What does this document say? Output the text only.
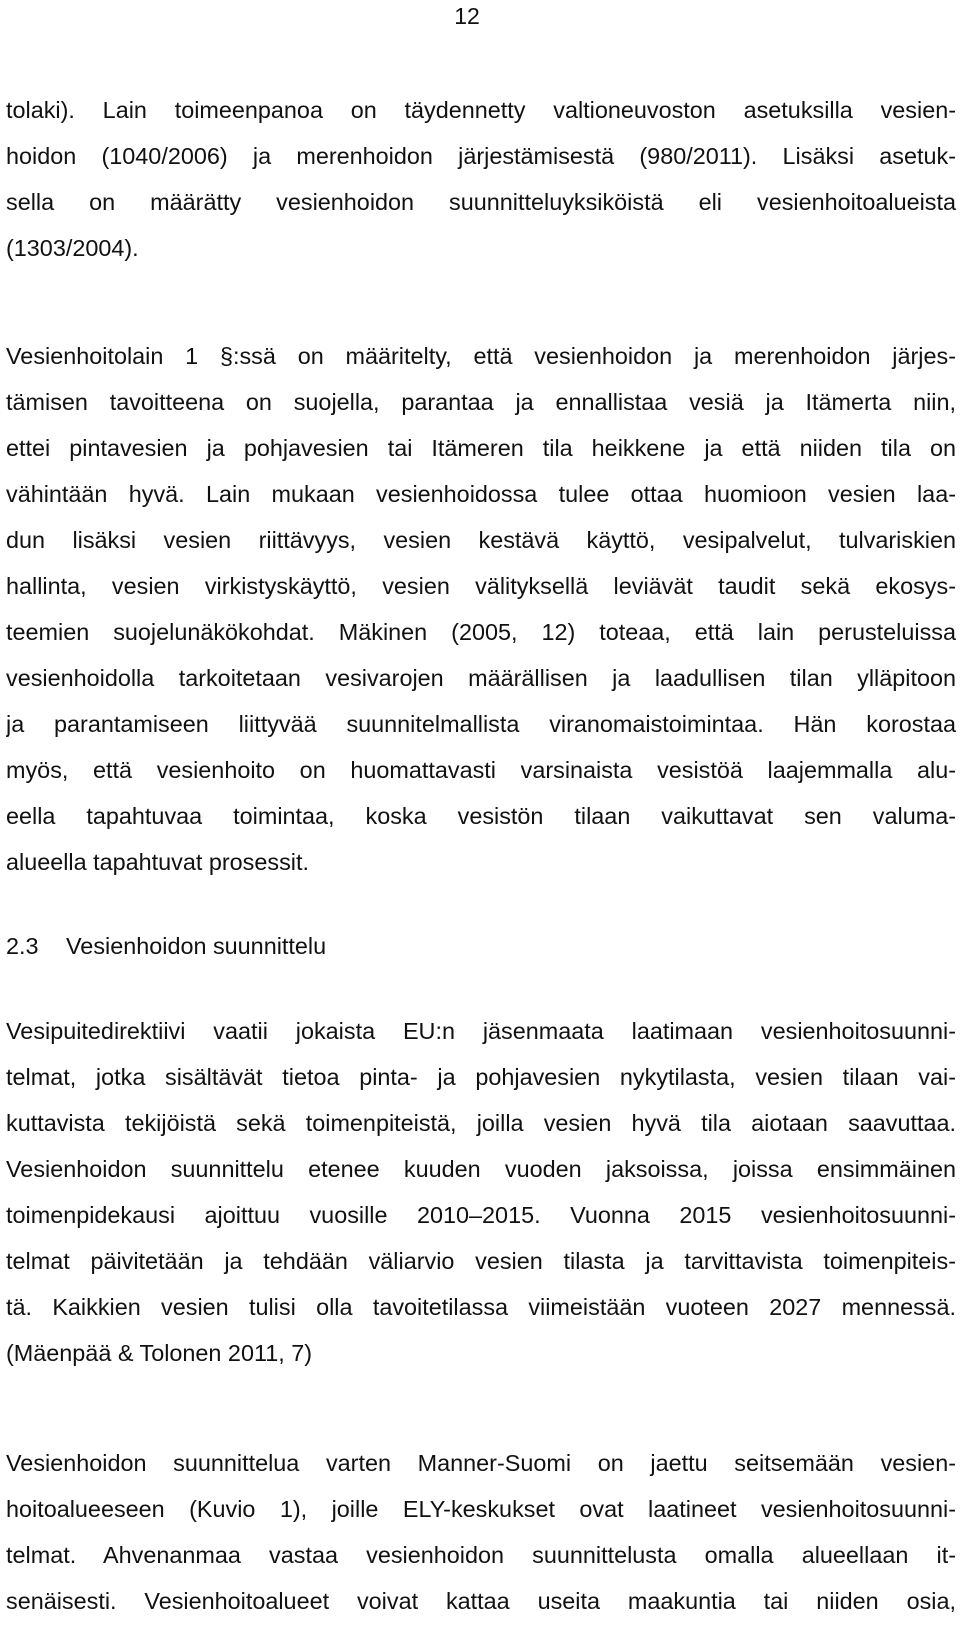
12
tolaki). Lain toimeenpanoa on täydennetty valtioneuvoston asetuksilla vesien-
hoidon (1040/2006) ja merenhoidon järjestämisestä (980/2011). Lisäksi asetuk-
sella on määrätty vesienhoidon suunnitteluyksiköistä eli vesienhoitoalueista
(1303/2004).
Vesienhoitolain 1 §:ssä on määritelty, että vesienhoidon ja merenhoidon järjes-
tämisen tavoitteena on suojella, parantaa ja ennallistaa vesiä ja Itämerta niin,
ettei pintavesien ja pohjavesien tai Itämeren tila heikkene ja että niiden tila on
vähintään hyvä. Lain mukaan vesienhoidossa tulee ottaa huomioon vesien laa-
dun lisäksi vesien riittävyys, vesien kestävä käyttö, vesipalvelut, tulvariskien
hallinta, vesien virkistyskäyttö, vesien välityksellä leviävät taudit sekä ekosys-
teemien suojelunäkökohdat. Mäkinen (2005, 12) toteaa, että lain perusteluissa
vesienhoidolla tarkoitetaan vesivarojen määrällisen ja laadullisen tilan ylläpitoon
ja parantamiseen liittyvää suunnitelmallista viranomaistoimintaa. Hän korostaa
myös, että vesienhoito on huomattavasti varsinaista vesistöä laajemmalla alu-
eella tapahtuvaa toimintaa, koska vesistön tilaan vaikuttavat sen valuma-
alueella tapahtuvat prosessit.
2.3 Vesienhoidon suunnittelu
Vesipuitedirektiivi vaatii jokaista EU:n jäsenmaata laatimaan vesienhoitosuunni-
telmat, jotka sisältävät tietoa pinta- ja pohjavesien nykytilasta, vesien tilaan vai-
kuttavista tekijöistä sekä toimenpiteistä, joilla vesien hyvä tila aiotaan saavuttaa.
Vesienhoidon suunnittelu etenee kuuden vuoden jaksoissa, joissa ensimmäinen
toimenpidekausi ajoittuu vuosille 2010–2015. Vuonna 2015 vesienhoitosuunni-
telmat päivitetään ja tehdään väliarvio vesien tilasta ja tarvittavista toimenpiteis-
tä. Kaikkien vesien tulisi olla tavoitetilassa viimeistään vuoteen 2027 mennessä.
(Mäenpää & Tolonen 2011, 7)
Vesienhoidon suunnittelua varten Manner-Suomi on jaettu seitsemään vesien-
hoitoalueeseen (Kuvio 1), joille ELY-keskukset ovat laatineet vesienhoitosuunni-
telmat. Ahvenanmaa vastaa vesienhoidon suunnittelusta omalla alueellaan it-
senäisesti. Vesienhoitoalueet voivat kattaa useita maakuntia tai niiden osia,
